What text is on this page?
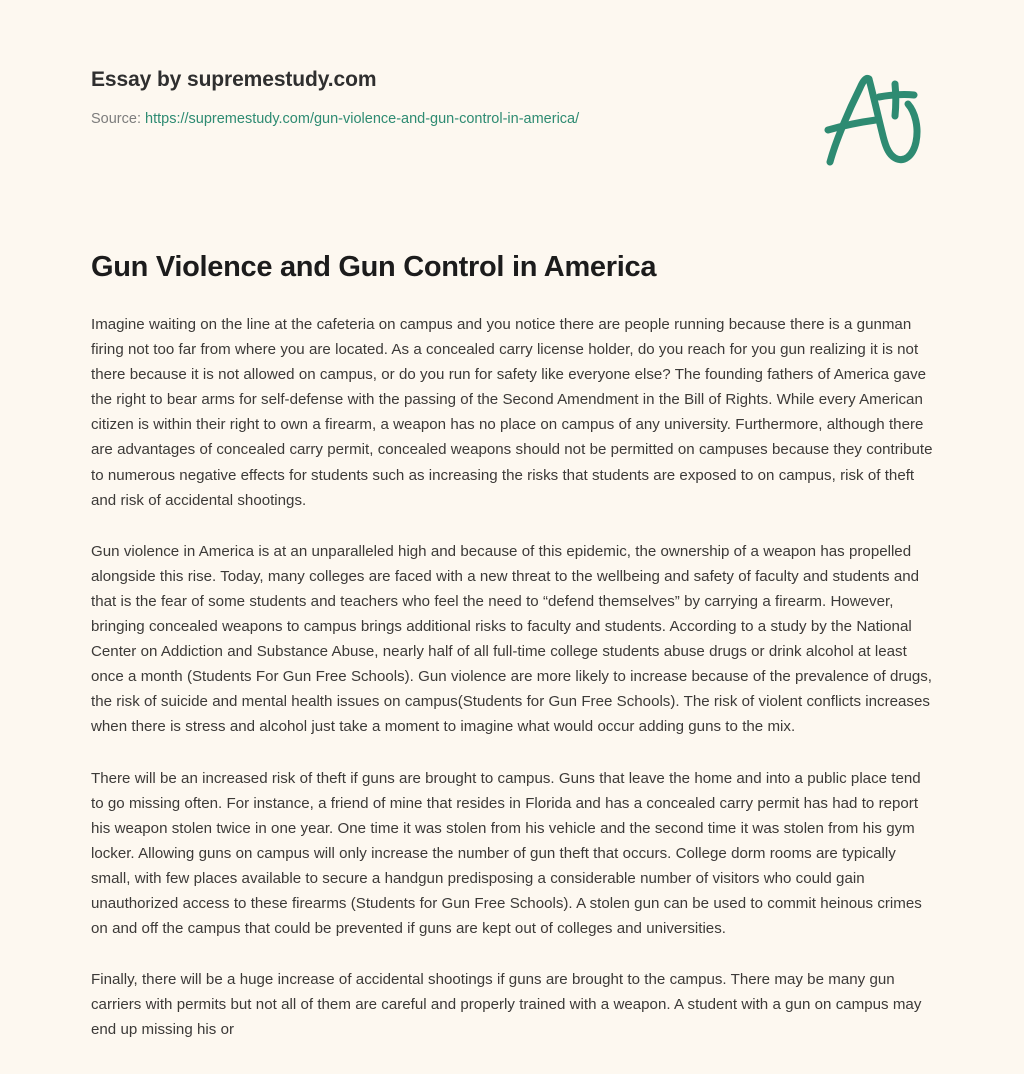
Essay by supremestudy.com
Source: https://supremestudy.com/gun-violence-and-gun-control-in-america/
Gun Violence and Gun Control in America

Imagine waiting on the line at the cafeteria on campus and you notice there are people running because there is a gunman firing not too far from where you are located. As a concealed carry license holder, do you reach for you gun realizing it is not there because it is not allowed on campus, or do you run for safety like everyone else? The founding fathers of America gave the right to bear arms for self-defense with the passing of the Second Amendment in the Bill of Rights. While every American citizen is within their right to own a firearm, a weapon has no place on campus of any university. Furthermore, although there are advantages of concealed carry permit, concealed weapons should not be permitted on campuses because they contribute to numerous negative effects for students such as increasing the risks that students are exposed to on campus, risk of theft and risk of accidental shootings.

Gun violence in America is at an unparalleled high and because of this epidemic, the ownership of a weapon has propelled alongside this rise. Today, many colleges are faced with a new threat to the wellbeing and safety of faculty and students and that is the fear of some students and teachers who feel the need to “defend themselves” by carrying a firearm. However, bringing concealed weapons to campus brings additional risks to faculty and students. According to a study by the National Center on Addiction and Substance Abuse, nearly half of all full-time college students abuse drugs or drink alcohol at least once a month (Students For Gun Free Schools). Gun violence are more likely to increase because of the prevalence of drugs, the risk of suicide and mental health issues on campus(Students for Gun Free Schools). The risk of violent conflicts increases when there is stress and alcohol just take a moment to imagine what would occur adding guns to the mix.

There will be an increased risk of theft if guns are brought to campus. Guns that leave the home and into a public place tend to go missing often. For instance, a friend of mine that resides in Florida and has a concealed carry permit has had to report his weapon stolen twice in one year. One time it was stolen from his vehicle and the second time it was stolen from his gym locker. Allowing guns on campus will only increase the number of gun theft that occurs. College dorm rooms are typically small, with few places available to secure a handgun predisposing a considerable number of visitors who could gain unauthorized access to these firearms (Students for Gun Free Schools). A stolen gun can be used to commit heinous crimes on and off the campus that could be prevented if guns are kept out of colleges and universities.

Finally, there will be a huge increase of accidental shootings if guns are brought to the campus. There may be many gun carriers with permits but not all of them are careful and properly trained with a weapon. A student with a gun on campus may end up missing his or
